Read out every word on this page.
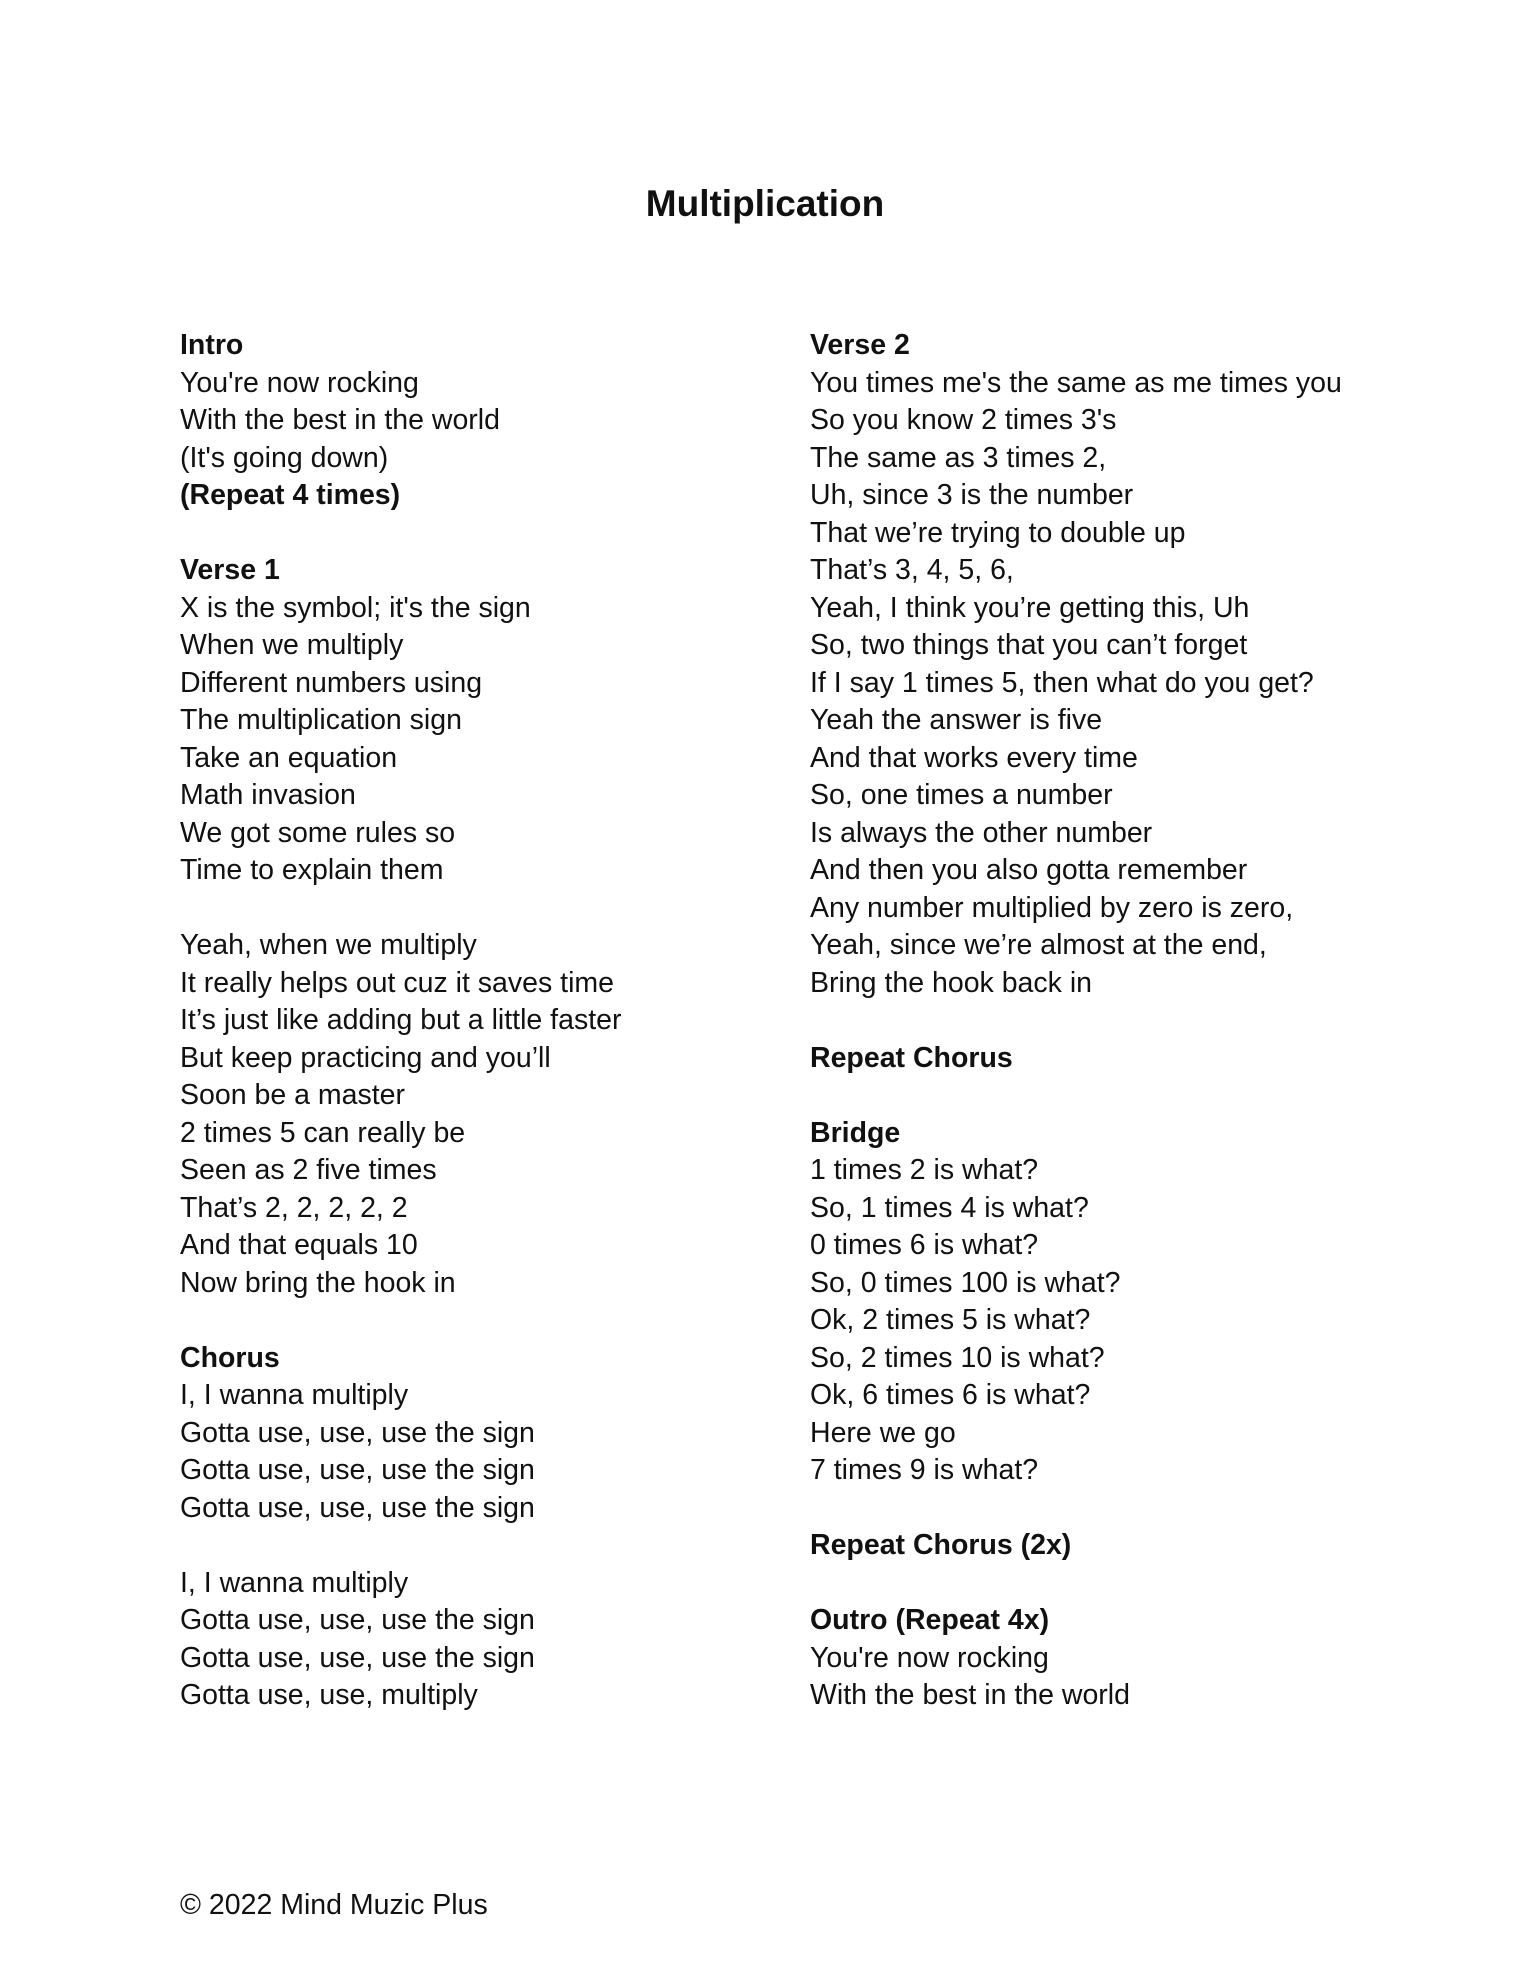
Multiplication
Intro
You're now rocking
With the best in the world
(It's going down)
(Repeat 4 times)
Verse 1
X is the symbol; it's the sign
When we multiply
Different numbers using
The multiplication sign
Take an equation
Math invasion
We got some rules so
Time to explain them
Yeah, when we multiply
It really helps out cuz it saves time
It’s just like adding but a little faster
But keep practicing and you’ll
Soon be a master
2 times 5 can really be
Seen as 2 five times
That’s 2, 2, 2, 2, 2
And that equals 10
Now bring the hook in
Chorus
I, I wanna multiply
Gotta use, use, use the sign
Gotta use, use, use the sign
Gotta use, use, use the sign
I, I wanna multiply
Gotta use, use, use the sign
Gotta use, use, use the sign
Gotta use, use, multiply
Verse 2
You times me's the same as me times you
So you know 2 times 3's
The same as 3 times 2,
Uh, since 3 is the number
That we’re trying to double up
That’s 3, 4, 5, 6,
Yeah, I think you’re getting this, Uh
So, two things that you can’t forget
If I say 1 times 5, then what do you get?
Yeah the answer is five
And that works every time
So, one times a number
Is always the other number
And then you also gotta remember
Any number multiplied by zero is zero,
Yeah, since we’re almost at the end,
Bring the hook back in
Repeat Chorus
Bridge
1 times 2 is what?
So, 1 times 4 is what?
0 times 6 is what?
So, 0 times 100 is what?
Ok, 2 times 5 is what?
So, 2 times 10 is what?
Ok, 6 times 6 is what?
Here we go
7 times 9 is what?
Repeat Chorus (2x)
Outro (Repeat 4x)
You're now rocking
With the best in the world
© 2022 Mind Muzic Plus
